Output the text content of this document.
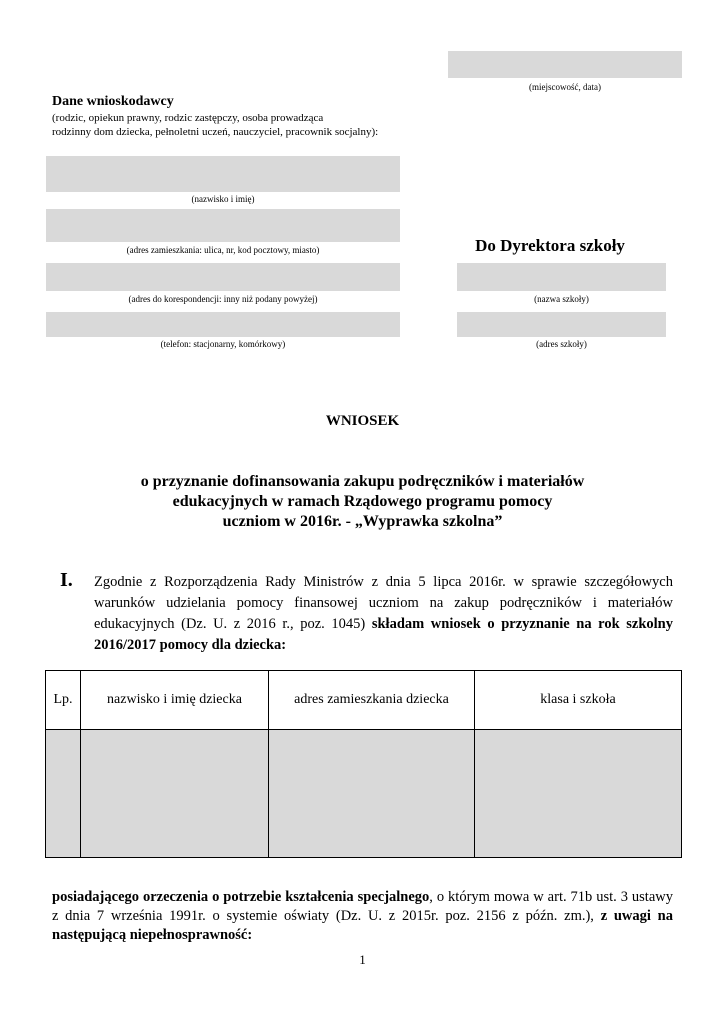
(miejscowość, data)
Dane wnioskodawcy
(rodzic, opiekun prawny, rodzic zastępczy, osoba prowadząca
rodzinny dom dziecka, pełnoletni uczeń, nauczyciel, pracownik socjalny):
(nazwisko i imię)
(adres zamieszkania: ulica, nr, kod pocztowy, miasto)
(adres do korespondencji: inny niż podany powyżej)
(telefon: stacjonarny, komórkowy)
Do Dyrektora szkoły
(nazwa szkoły)
(adres szkoły)
WNIOSEK
o przyznanie dofinansowania zakupu podręczników i materiałów
edukacyjnych w ramach Rządowego programu pomocy
uczniom w 2016r. - „Wyprawka szkolna”
I. Zgodnie z Rozporządzenia Rady Ministrów z dnia 5 lipca 2016r. w sprawie szczegółowych warunków udzielania pomocy finansowej uczniom na zakup podręczników i materiałów edukacyjnych (Dz. U. z 2016 r., poz. 1045) składam wniosek o przyznanie na rok szkolny 2016/2017 pomocy dla dziecka:
Lp.	nazwisko i imię dziecka	adres zamieszkania dziecka	klasa i szkoła

posiadającego orzeczenia o potrzebie kształcenia specjalnego, o którym mowa w art. 71b ust. 3 ustawy z dnia 7 września 1991r. o systemie oświaty (Dz. U. z 2015r. poz. 2156 z późn. zm.), z uwagi na następującą niepełnosprawność:
1
